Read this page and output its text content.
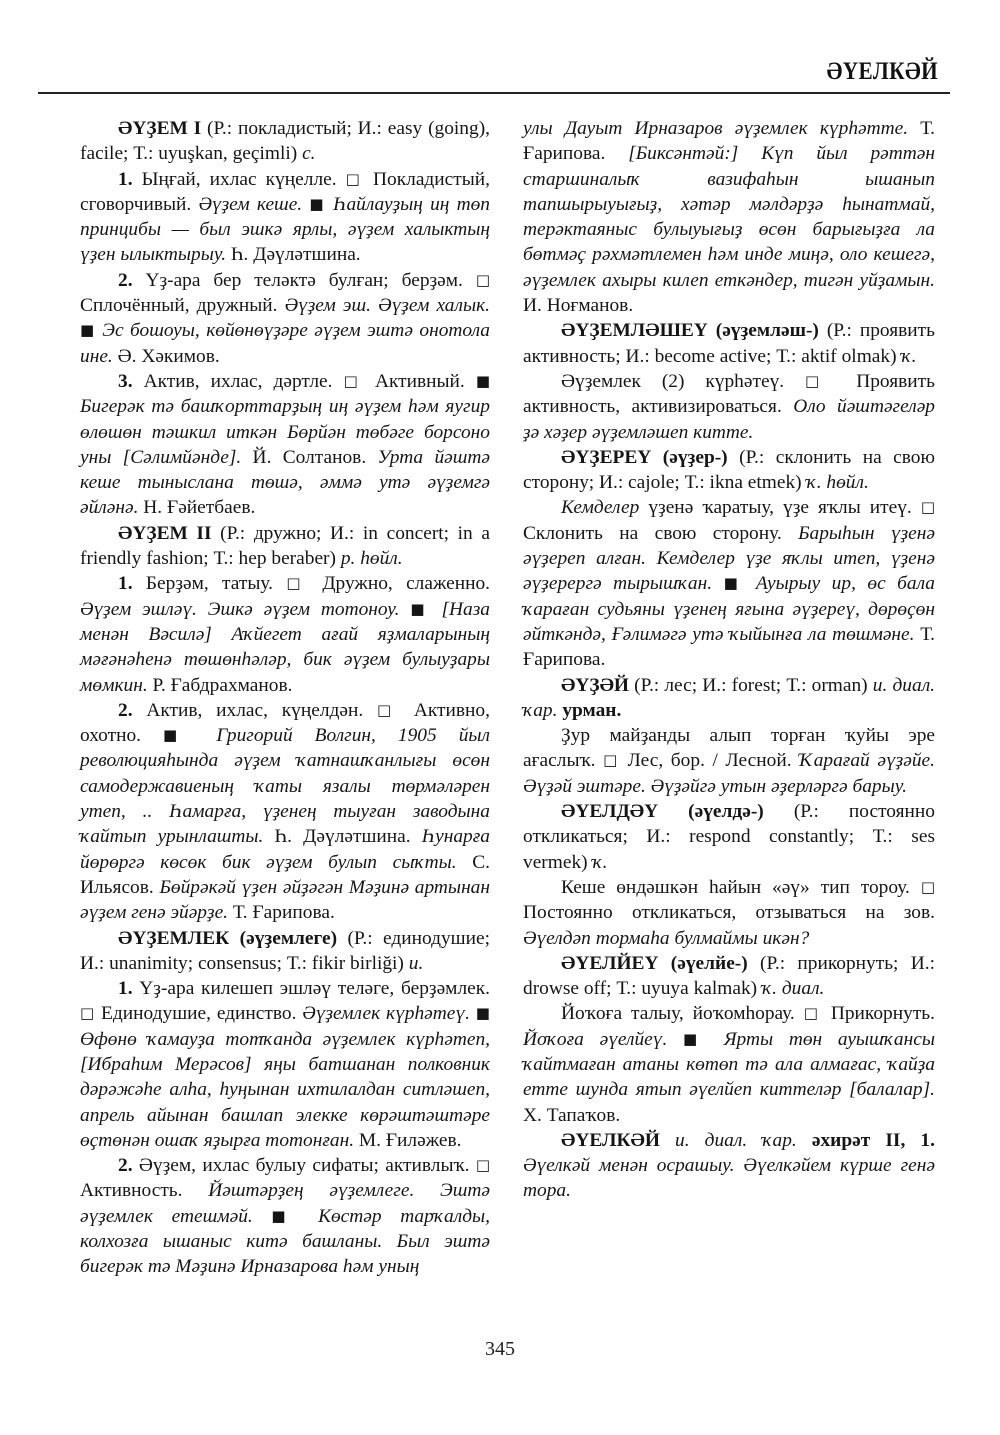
ӘҮЕЛКӘЙ

ӘҮҘЕМ I (Р.: покладистый; И.: easy (going), facile; Т.: uyuşkan, geçimli) с.

1. Ыңғай, ихлас күңелле. □ Покладистый, сговорчивый. Әүҙем кеше. ■ Һайлауҙың иң төп принцибы — был эшкә ярлы, әүҙем халыктың үҙен ылыктырыу. Һ. Дәүләтшина.

2. Үҙ-ара бер теләктә булған; берҙәм. □ Сплочённый, дружный. Әүҙем эш. Әүҙем халык. ■ Эс бошоуы, көйөнөүҙәре әүҙем эштә онотола ине. Ә. Хәкимов.

3. Актив, ихлас, дәртле. □ Активный. ■ Бигерәк тә башҡорттарҙың иң әүҙем һәм яугир өлөшөн тәшкил иткән Бөрйән төбәге борсоно уны [Сәлимйәнде]. Й. Солтанов. Урта йәштә кеше тыныслана төшә, әммә утә әүҙемгә әйләнә. Н. Ғәйетбаев.

ӘҮҘЕМ II (Р.: дружно; И.: in concert; in a friendly fashion; Т.: hep beraber) р. һөйл.

1. Берҙәм, татыу. □ Дружно, слаженно. Әүҙем эшләү. Эшкә әүҙем тотоноу. ■ [Наза менән Вәсилә] Аҡйегет ағай яҙмаларының мәғәнәһенә төшөнһәләр, бик әүҙем булыуҙары мөмкин. Р. Ғабдрахманов.

2. Актив, ихлас, күңелдән. □ Активно, охотно. ■ Григорий Волгин, 1905 йыл революцияһында әүҙем ҡатнашҡанлығы өсөн самодержавиеның ҡаты язалы төрмәләрен утеп, .. Һамарға, үҙенең тыуған заводына ҡайтып урынлашты. Һ. Дәүләтшина. Һунарға йөрөргә көсөк бик әүҙем булып сыҡты. С. Ильясов. Бөйрәкәй үҙен әйҙәгән Мәҙинә артынан әүҙем генә эйәрҙе. Т. Ғарипова.

ӘҮҘЕМЛЕК (әүҙемлеге) (Р.: единодушие; И.: unanimity; consensus; Т.: fikir birliği) и.

1. Үҙ-ара килешеп эшләү теләге, берҙәмлек. □ Единодушие, единство. Әүҙемлек күрһәтеү. ■ Өфөнө ҡамауҙа тотҡанда әүҙемлек күрһәтеп, [Ибраһим Мерәсов] яңы батшанан полковник дәрәжәһе алһа, һуңынан ихтилалдан ситләшеп, апрель айынан башлап элекке көрәштәштәре өҫтөнән ошаҡ яҙырға тотонған. М. Ғиләжев.

2. Әүҙем, ихлас булыу сифаты; активлыҡ. □ Активность. Йәштәрҙең әүҙемлеге. Эштә әүҙемлек етешмәй. ■ Көстәр тарҡалды, колхозға ышаныс китә башланы. Был эштә бигерәк тә Мәҙинә Ирназарова һәм уның

улы Дауыт Ирназаров әүҙемлек күрһәтте. Т. Ғарипова. [Биксәнтәй:] Күп йыл рәттән старшиналыҡ вазифаһын ышанып тапшырыуығыҙ, хәтәр мәлдәрҙә һынатмай, терәктаяныс булыуығыҙ өсөн барығыҙға ла бөтмәҫ рәхмәтлемен һәм инде миңә, оло кешегә, әүҙемлек ахыры килеп еткәндер, тигән уйҙамын. И. Ноғманов.

ӘҮҘЕМЛӘШЕҮ (әүҙемләш-) (Р.: проявить активность; И.: become active; Т.: aktif olmak) ҡ.

Әүҙемлек (2) күрһәтеү. □ Проявить активность, активизироваться. Оло йәштәгеләр ҙә хәҙер әүҙемләшеп китте.

ӘҮҘЕРЕҮ (әүҙер-) (Р.: склонить на свою сторону; И.: cajole; Т.: ikna etmek) ҡ. һөйл.

Кемделер үҙенә ҡаратыу, үҙе яҡлы итеү. □ Склонить на свою сторону. Барыһын үҙенә әүҙереп алған. Кемделер үҙе яҡлы итеп, үҙенә әүҙерергә тырышҡан. ■ Ауырыу ир, өс бала ҡараған судьяны үҙенең яғына әүҙереү, дөрөҫөн әйткәндә, Ғәлимәгә утә ҡыйынға ла төшмәне. Т. Ғарипова.

ӘҮҘӘЙ (Р.: лес; И.: forest; Т.: orman) и. диал. ҡар. урман.

Ҙур майҙанды алып торған ҡуйы эре ағаслыҡ. □ Лес, бор. / Лесной. Ҡарағай әүҙәйе. Әүҙәй эштәре. Әүҙәйгә утын әҙерләргә барыу.

ӘҮЕЛДӘҮ (әүелдә-) (Р.: постоянно откликаться; И.: respond constantly; Т.: ses vermek) ҡ.

Кеше өндәшкән һайын «әү» тип тороу. □ Постоянно откликаться, отзываться на зов. Әүелдәп тормаһа булмаймы икән?

ӘҮЕЛЙЕҮ (әүелйе-) (Р.: прикорнуть; И.: drowse off; Т.: uyuya kalmak) ҡ. диал.

Йоҡоға талыу, йоҡомһорау. □ Прикорнуть. Йоҡоға әүелйеү. ■ Ярты төн ауышҡансы ҡайтмаған атаны көтөп тә ала алмағас, ҡайҙа етте шунда ятып әүелйеп киттеләр [балалар]. Х. Тапаҡов.

ӘҮЕЛКӘЙ и. диал. ҡар. әхирәт II, 1. Әүелкәй менән осрашыу. Әүелкәйем күрше генә тора.

345
